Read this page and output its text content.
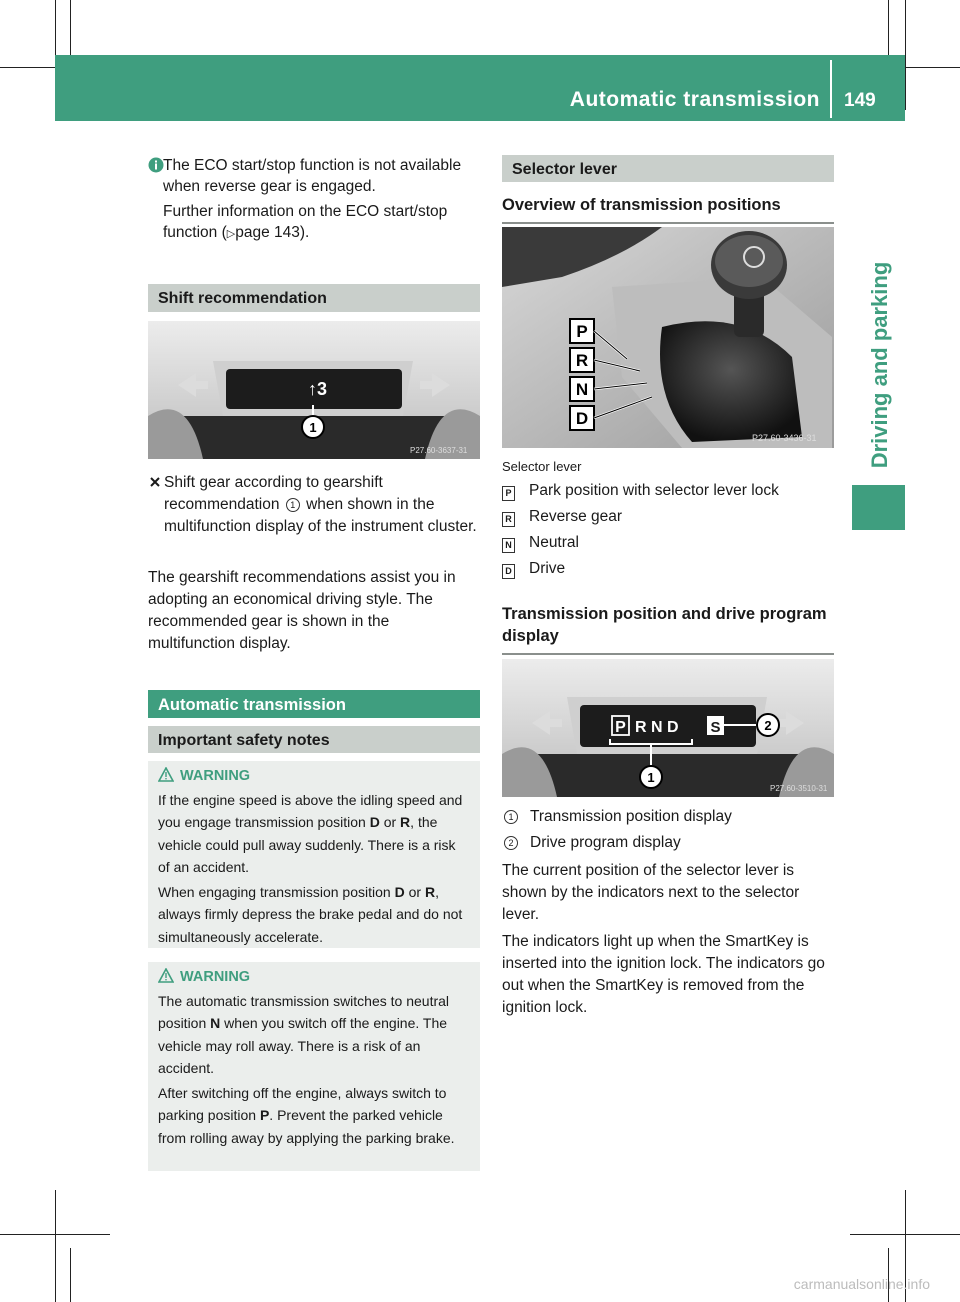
Automatic transmission 149
Driving and parking

The ECO start/stop function is not available when reverse gear is engaged.

Further information on the ECO start/stop function (▷page 143).

Shift recommendation
↑3
1
P27.60-3637-31

Shift gear according to gearshift recommendation 1 when shown in the multifunction display of the instrument cluster.

The gearshift recommendations assist you in adopting an economical driving style. The recommended gear is shown in the multifunction display.

Automatic transmission
Important safety notes
WARNING

If the engine speed is above the idling speed and you engage transmission position D or R, the vehicle could pull away suddenly. There is a risk of an accident.

When engaging transmission position D or R, always firmly depress the brake pedal and do not simultaneously accelerate.

WARNING

The automatic transmission switches to neutral position N when you switch off the engine. The vehicle may roll away. There is a risk of an accident.

After switching off the engine, always switch to parking position P. Prevent the parked vehicle from rolling away by applying the parking brake.

Selector lever
Overview of transmission positions
P
R
N
D
P27.60-3436-31

Selector lever

P Park position with selector lever lock
R Reverse gear
N Neutral
D Drive
Transmission position and drive program display
P R N D S
1
2
P27.60-3510-31
1 Transmission position display
2 Drive program display

The current position of the selector lever is shown by the indicators next to the selector lever.

The indicators light up when the SmartKey is inserted into the ignition lock. The indicators go out when the SmartKey is removed from the ignition lock.

carmanualsonline.info
